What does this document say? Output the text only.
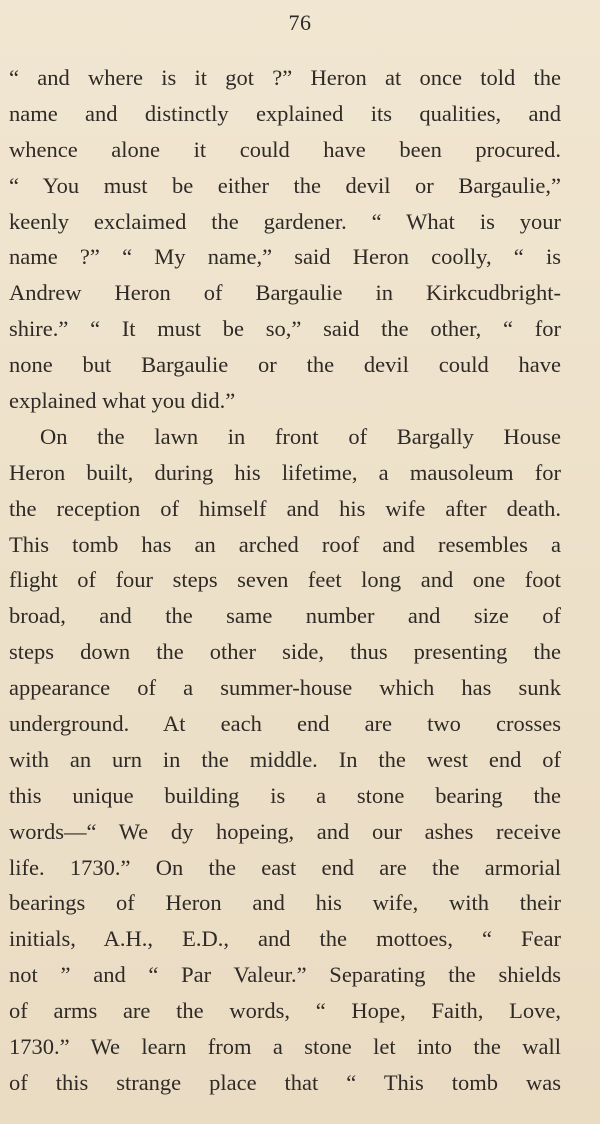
76
“ and where is it got ?” Heron at once told the
name and distinctly explained its qualities, and
whence alone it could have been procured.
“ You must be either the devil or Bargaulie,”
keenly exclaimed the gardener. “ What is your
name ?” “ My name,” said Heron coolly, “ is
Andrew Heron of Bargaulie in Kirkcudbright-
shire.” “ It must be so,” said the other, “ for
none but Bargaulie or the devil could have
explained what you did.”
On the lawn in front of Bargally House
Heron built, during his lifetime, a mausoleum for
the reception of himself and his wife after death.
This tomb has an arched roof and resembles a
flight of four steps seven feet long and one foot
broad, and the same number and size of
steps down the other side, thus presenting the
appearance of a summer-house which has sunk
underground. At each end are two crosses
with an urn in the middle. In the west end of
this unique building is a stone bearing the
words—“ We dy hopeing, and our ashes receive
life. 1730.” On the east end are the armorial
bearings of Heron and his wife, with their
initials, A.H., E.D., and the mottoes, “ Fear
not ” and “ Par Valeur.” Separating the shields
of arms are the words, “ Hope, Faith, Love,
1730.” We learn from a stone let into the wall
of this strange place that “ This tomb was
